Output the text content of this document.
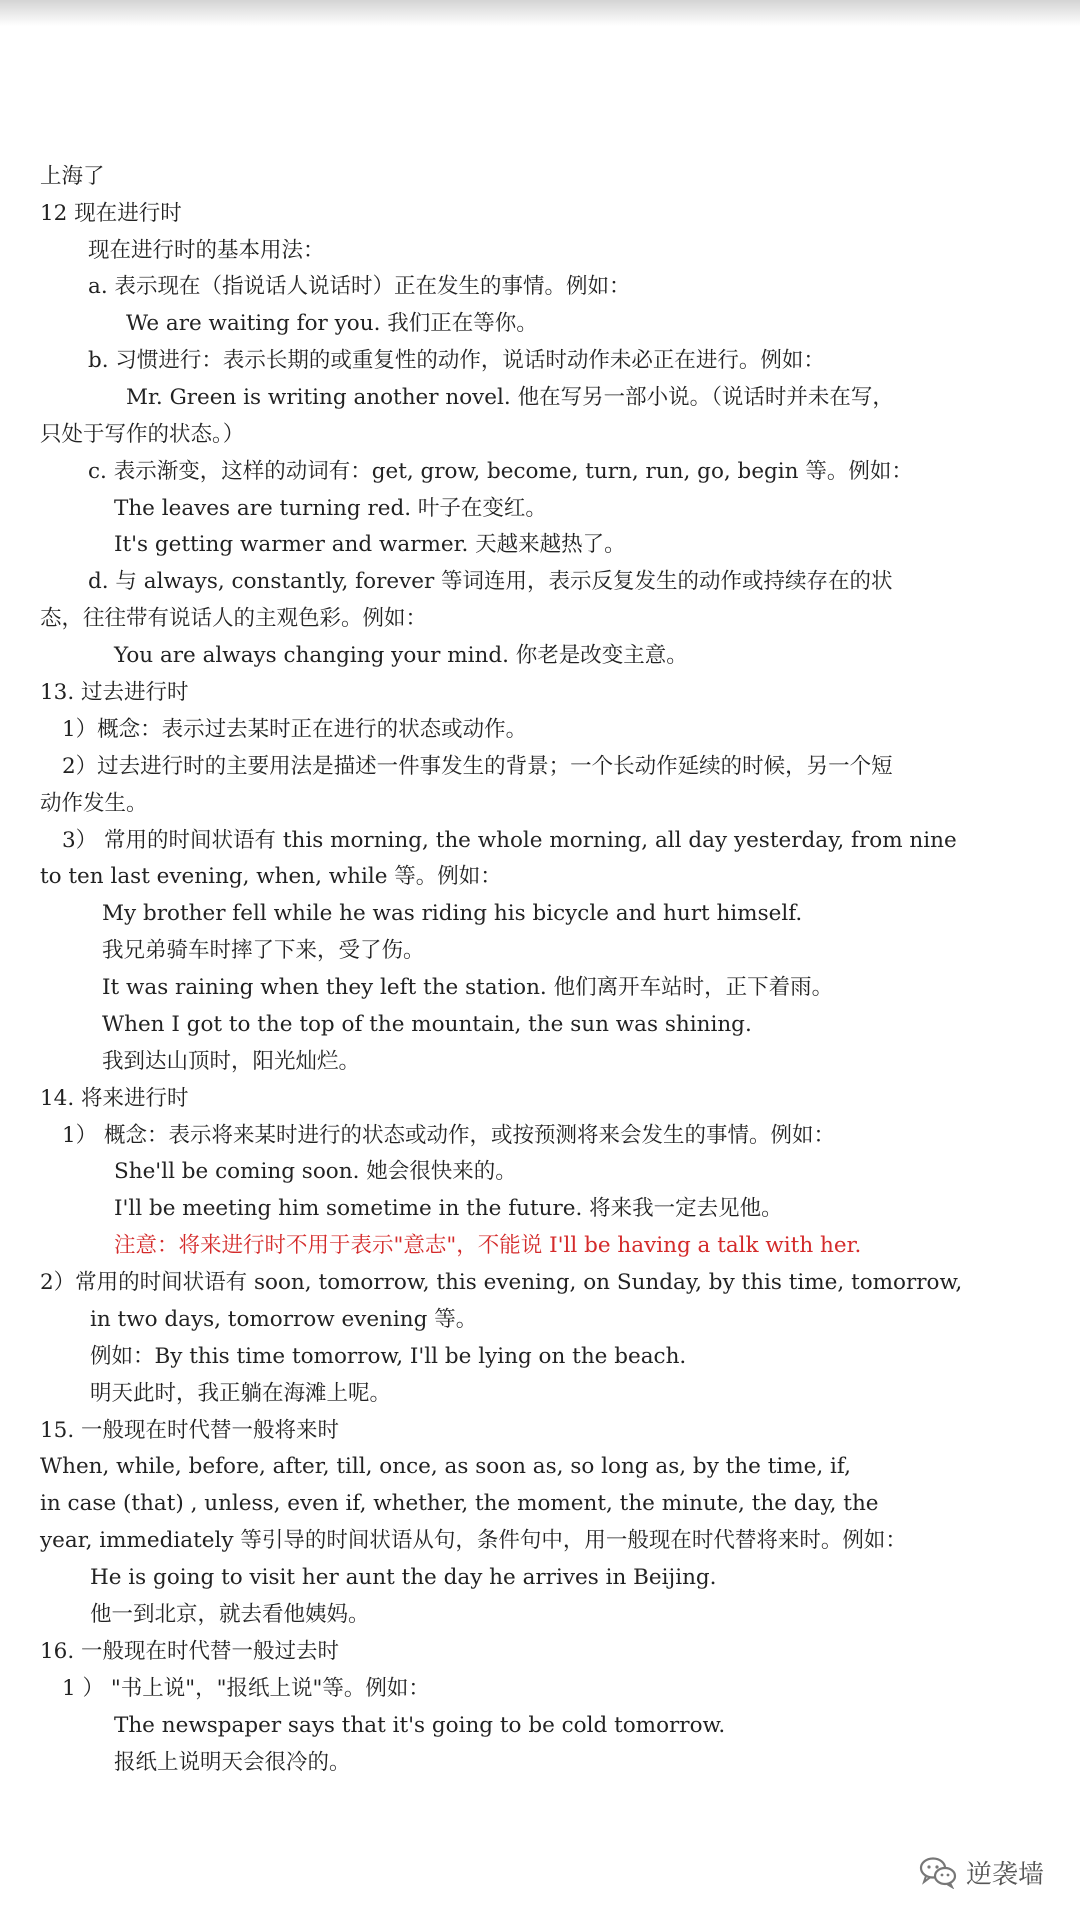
上海了
12 现在进行时
现在进行时的基本用法：
a. 表示现在（指说话人说话时）正在发生的事情。例如：
We are waiting for you. 我们正在等你。
b. 习惯进行：表示长期的或重复性的动作，说话时动作未必正在进行。例如：
Mr. Green is writing another novel. 他在写另一部小说。（说话时并未在写，
只处于写作的状态。）
c. 表示渐变，这样的动词有：get, grow, become, turn, run, go, begin 等。例如：
The leaves are turning red. 叶子在变红。
It's getting warmer and warmer. 天越来越热了。
d. 与 always, constantly, forever 等词连用，表示反复发生的动作或持续存在的状
态，往往带有说话人的主观色彩。例如：
You are always changing your mind. 你老是改变主意。
13. 过去进行时
1）概念：表示过去某时正在进行的状态或动作。
2）过去进行时的主要用法是描述一件事发生的背景；一个长动作延续的时候，另一个短
动作发生。
3） 常用的时间状语有 this morning, the whole morning, all day yesterday, from nine
to ten last evening, when, while 等。例如：
My brother fell while he was riding his bicycle and hurt himself.
我兄弟骑车时摔了下来，受了伤。
It was raining when they left the station. 他们离开车站时，正下着雨。
When I got to the top of the mountain, the sun was shining.
我到达山顶时，阳光灿烂。
14. 将来进行时
1） 概念：表示将来某时进行的状态或动作，或按预测将来会发生的事情。例如：
She'll be coming soon. 她会很快来的。
I'll be meeting him sometime in the future. 将来我一定去见他。
注意：将来进行时不用于表示"意志"，不能说 I'll be having a talk with her.
2）常用的时间状语有 soon, tomorrow, this evening, on Sunday, by this time, tomorrow,
in two days, tomorrow evening 等。
例如：By this time tomorrow, I'll be lying on the beach.
明天此时，我正躺在海滩上呢。
15. 一般现在时代替一般将来时
When, while, before, after, till, once, as soon as, so long as, by the time, if,
in case (that) , unless, even if, whether, the moment, the minute, the day, the
year, immediately 等引导的时间状语从句，条件句中，用一般现在时代替将来时。例如：
He is going to visit her aunt the day he arrives in Beijing.
他一到北京，就去看他姨妈。
16. 一般现在时代替一般过去时
1 ） "书上说"，"报纸上说"等。例如：
The newspaper says that it's going to be cold tomorrow.
报纸上说明天会很冷的。
逆袭墙
